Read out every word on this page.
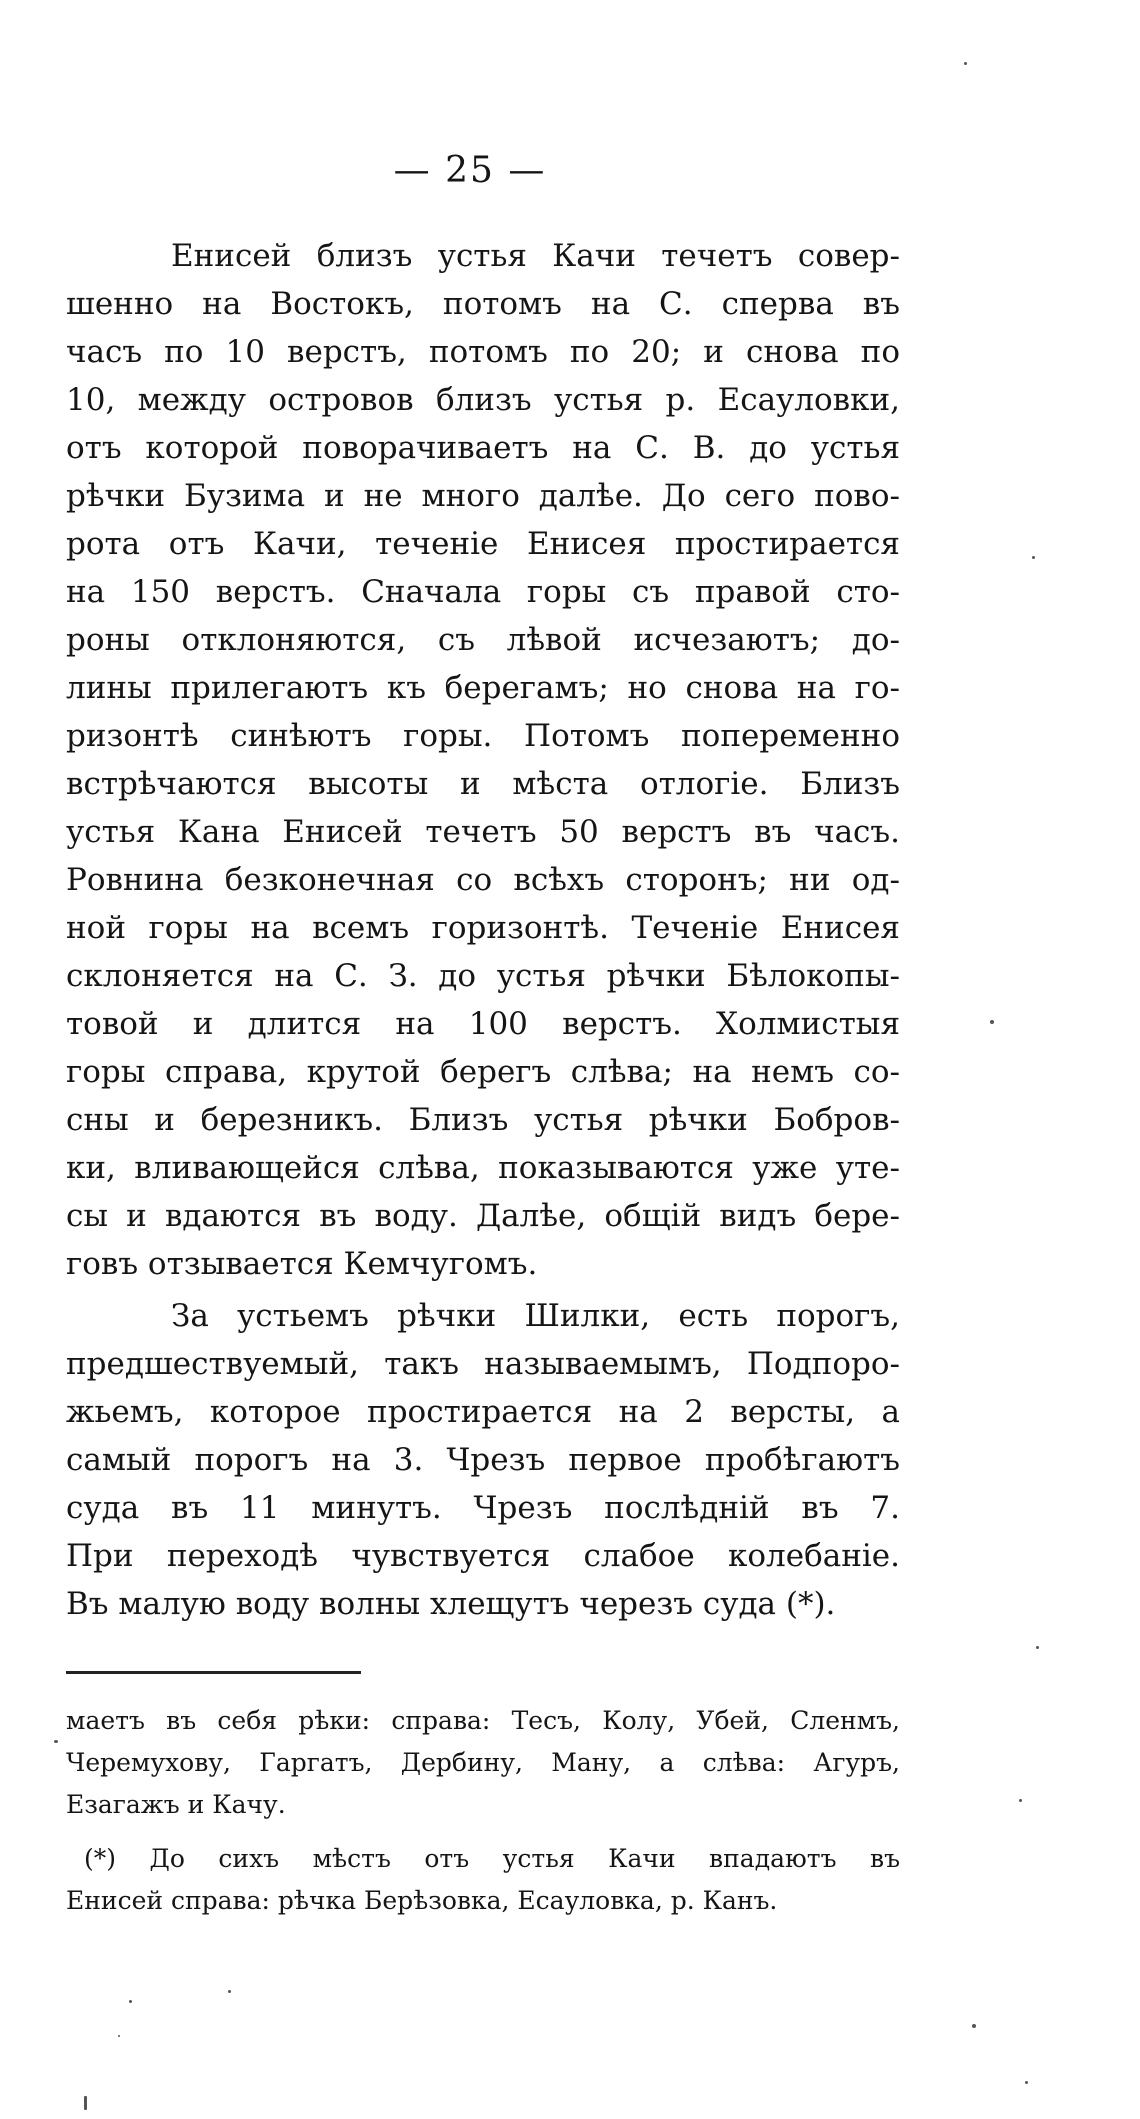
— 25 —
Енисей близъ устья Качи течетъ совер-
шенно на Востокъ, потомъ на С. сперва въ
часъ по 10 верстъ, потомъ по 20; и снова по
10, между островов близъ устья р. Есауловки,
отъ которой поворачиваетъ на С. В. до устья
рѣчки Бузима и не много далѣе. До сего пово-
рота отъ Качи, теченіе Енисея простирается
на 150 верстъ. Сначала горы съ правой сто-
роны отклоняются, съ лѣвой исчезаютъ; до-
лины прилегаютъ къ берегамъ; но снова на го-
ризонтѣ синѣютъ горы. Потомъ попеременно
встрѣчаются высоты и мѣста отлогіе. Близъ
устья Кана Енисей течетъ 50 верстъ въ часъ.
Ровнина безконечная со всѣхъ сторонъ; ни од-
ной горы на всемъ горизонтѣ. Теченіе Енисея
склоняется на С. З. до устья рѣчки Бѣлокопы-
товой и длится на 100 верстъ. Холмистыя
горы справа, крутой берегъ слѣва; на немъ со-
сны и березникъ. Близъ устья рѣчки Бобров-
ки, вливающейся слѣва, показываются уже уте-
сы и вдаются въ воду. Далѣе, общій видъ бере-
говъ отзывается Кемчугомъ.
За устьемъ рѣчки Шилки, есть порогъ,
предшествуемый, такъ называемымъ, Подпоро-
жьемъ, которое простирается на 2 версты, а
самый порогъ на 3. Чрезъ первое пробѣгаютъ
суда въ 11 минутъ. Чрезъ послѣдній въ 7.
При переходѣ чувствуется слабое колебаніе.
Въ малую воду волны хлещутъ черезъ суда (*).
маетъ въ себя рѣки: справа: Тесъ, Колу, Убей, Сленмъ,
Черемухову, Гаргатъ, Дербину, Ману, а слѣва: Агуръ,
Езагажъ и Качу.
(*) До сихъ мѣстъ отъ устья Качи впадаютъ въ
Енисей справа: рѣчка Берѣзовка, Есауловка, р. Канъ.
